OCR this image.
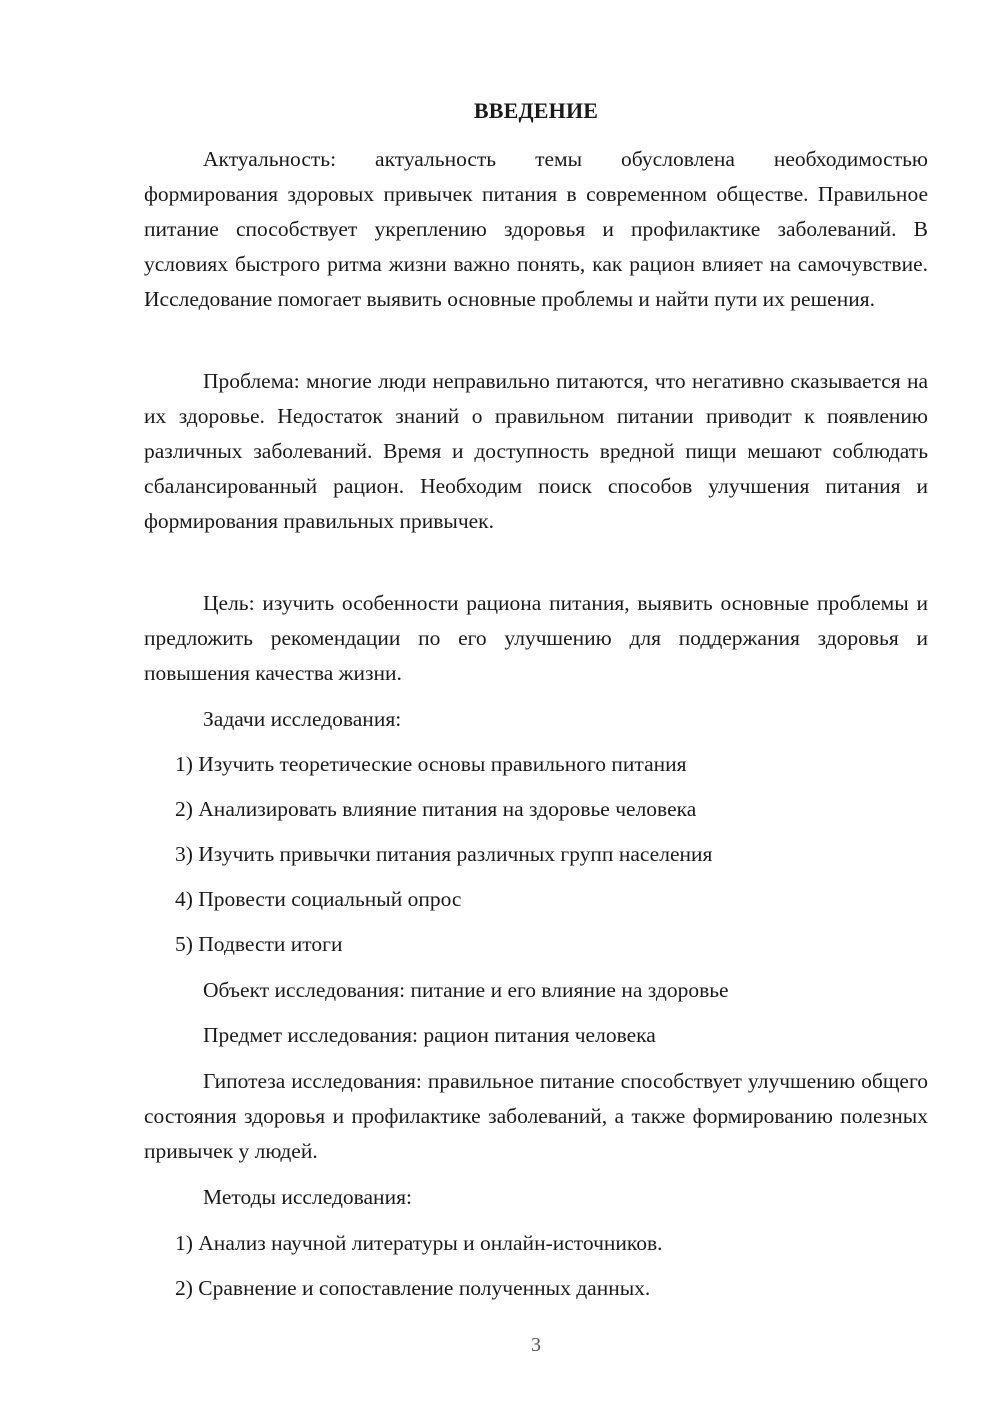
ВВЕДЕНИЕ

Актуальность: актуальность темы обусловлена необходимостью формирования здоровых привычек питания в современном обществе. Правильное питание способствует укреплению здоровья и профилактике заболеваний. В условиях быстрого ритма жизни важно понять, как рацион влияет на самочувствие. Исследование помогает выявить основные проблемы и найти пути их решения.

Проблема: многие люди неправильно питаются, что негативно сказывается на их здоровье. Недостаток знаний о правильном питании приводит к появлению различных заболеваний. Время и доступность вредной пищи мешают соблюдать сбалансированный рацион. Необходим поиск способов улучшения питания и формирования правильных привычек.

Цель: изучить особенности рациона питания, выявить основные проблемы и предложить рекомендации по его улучшению для поддержания здоровья и повышения качества жизни.

Задачи исследования:

1) Изучить теоретические основы правильного питания

2) Анализировать влияние питания на здоровье человека

3) Изучить привычки питания различных групп населения

4) Провести социальный опрос

5) Подвести итоги

Объект исследования: питание и его влияние на здоровье

Предмет исследования: рацион питания человека

Гипотеза исследования: правильное питание способствует улучшению общего состояния здоровья и профилактике заболеваний, а также формированию полезных привычек у людей.

Методы исследования:

1) Анализ научной литературы и онлайн-источников.

2) Сравнение и сопоставление полученных данных.

3
